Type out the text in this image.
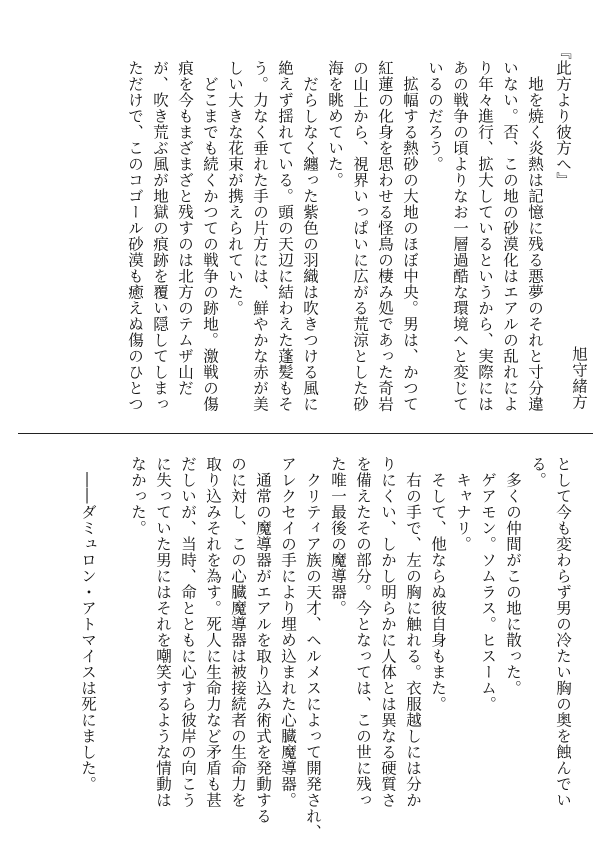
『此方より彼方へ』
旭守緒方
　地を焼く炎熱は記憶に残る悪夢のそれと寸分違
いない。否、この地の砂漠化はエアルの乱れによ
り年々進行、拡大しているというから、実際には
あの戦争の頃よりなお一層過酷な環境へと変じて
いるのだろう。
　拡幅する熱砂の大地のほぼ中央。男は、かつて
紅蓮の化身を思わせる怪鳥の棲み処であった奇岩
の山上から、視界いっぱいに広がる荒涼とした砂
海を眺めていた。
　だらしなく纏った紫色の羽織は吹きつける風に
絶えず揺れている。頭の天辺に結わえた蓬髪もそ
う。力なく垂れた手の片方には、鮮やかな赤が美
しい大きな花束が携えられていた。
　どこまでも続くかつての戦争の跡地。激戦の傷
痕を今もまざまざと残すのは北方のテムザ山だ
が、吹き荒ぶ風が地獄の痕跡を覆い隠してしまっ
ただけで、このコゴール砂漠も癒えぬ傷のひとつ
として今も変わらず男の冷たい胸の奥を蝕んでい
る。
　多くの仲間がこの地に散った。
　ゲアモン。ソムラス。ヒスーム。
　キャナリ。
　そして、他ならぬ彼自身もまた。
　右の手で、左の胸に触れる。衣服越しには分か
りにくい、しかし明らかに人体とは異なる硬質さ
を備えたその部分。今となっては、この世に残っ
た唯一最後の魔導器。
　クリティア族の天才、ヘルメスによって開発され、
アレクセイの手により埋め込まれた心臓魔導器。
　通常の魔導器がエアルを取り込み術式を発動する
のに対し、この心臓魔導器は被接続者の生命力を
取り込みそれを為す。死人に生命力など矛盾も甚
だしいが、当時、命とともに心すら彼岸の向こう
に失っていた男にはそれを嘲笑するような情動は
なかった。

　――ダミュロン・アトマイスは死にました。
